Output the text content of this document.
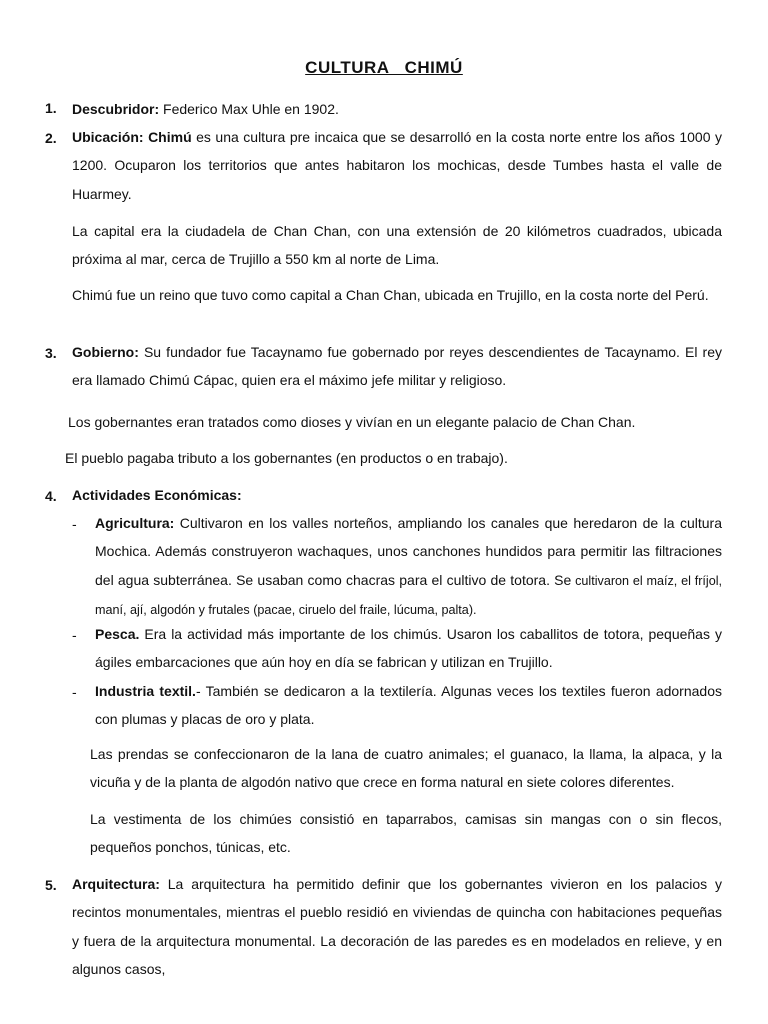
CULTURA   CHIMÚ
1. Descubridor: Federico Max Uhle en 1902.

2. Ubicación: Chimú es una cultura pre incaica que se desarrolló en la costa norte entre los años 1000 y 1200. Ocuparon los territorios que antes habitaron los mochicas, desde Tumbes hasta el valle de Huarmey.

La capital era la ciudadela de Chan Chan, con una extensión de 20 kilómetros cuadrados, ubicada próxima al mar, cerca de Trujillo a 550 km al norte de Lima.

Chimú fue un reino que tuvo como capital a Chan Chan, ubicada en Trujillo, en la costa norte del Perú.

3. Gobierno: Su fundador fue Tacaynamo fue gobernado por reyes descendientes de Tacaynamo. El rey era llamado Chimú Cápac, quien era el máximo jefe militar y religioso.

Los gobernantes eran tratados como dioses y vivían en un elegante palacio de Chan Chan.

El pueblo pagaba tributo a los gobernantes (en productos o en trabajo).

4. Actividades Económicas:

- Agricultura: Cultivaron en los valles norteños, ampliando los canales que heredaron de la cultura Mochica. Además construyeron wachaques, unos canchones hundidos para permitir las filtraciones del agua subterránea. Se usaban como chacras para el cultivo de totora. Se cultivaron el maíz, el fríjol, maní, ají, algodón y frutales (pacae, ciruelo del fraile, lúcuma, palta).

- Pesca. Era la actividad más importante de los chimús. Usaron los caballitos de totora, pequeñas y ágiles embarcaciones que aún hoy en día se fabrican y utilizan en Trujillo.

- Industria textil.- También se dedicaron a la textilería. Algunas veces los textiles fueron adornados con plumas y placas de oro y plata.

Las prendas se confeccionaron de la lana de cuatro animales; el guanaco, la llama, la alpaca, y la vicuña y de la planta de algodón nativo que crece en forma natural en siete colores diferentes.

La vestimenta de los chimúes consistió en taparrabos, camisas sin mangas con o sin flecos, pequeños ponchos, túnicas, etc.

5. Arquitectura: La arquitectura ha permitido definir que los gobernantes vivieron en los palacios y recintos monumentales, mientras el pueblo residió en viviendas de quincha con habitaciones pequeñas y fuera de la arquitectura monumental. La decoración de las paredes es en modelados en relieve, y en algunos casos,
